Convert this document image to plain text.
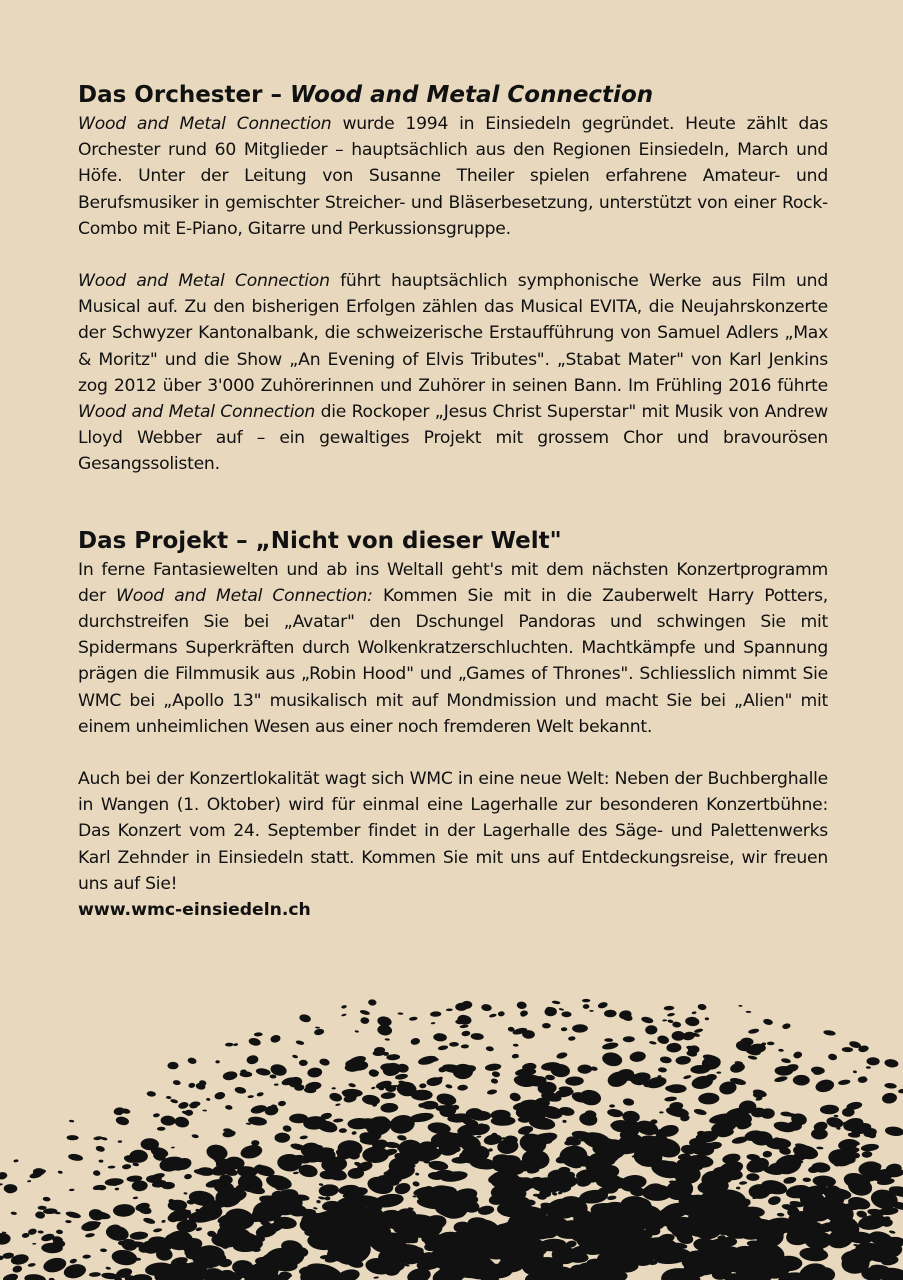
Das Orchester – Wood and Metal Connection

Wood and Metal Connection wurde 1994 in Einsiedeln gegründet. Heute zählt das Orchester rund 60 Mitglieder – hauptsächlich aus den Regionen Einsiedeln, March und Höfe. Unter der Leitung von Susanne Theiler spielen erfahrene Amateur- und Berufsmusiker in gemischter Streicher- und Bläserbesetzung, unterstützt von einer Rock-Combo mit E-Piano, Gitarre und Perkussionsgruppe.

Wood and Metal Connection führt hauptsächlich symphonische Werke aus Film und Musical auf. Zu den bisherigen Erfolgen zählen das Musical EVITA, die Neujahrskonzerte der Schwyzer Kantonalbank, die schweizerische Erstaufführung von Samuel Adlers „Max & Moritz" und die Show „An Evening of Elvis Tributes". „Stabat Mater" von Karl Jenkins zog 2012 über 3'000 Zuhörerinnen und Zuhörer in seinen Bann. Im Frühling 2016 führte Wood and Metal Connection die Rockoper „Jesus Christ Superstar" mit Musik von Andrew Lloyd Webber auf – ein gewaltiges Projekt mit grossem Chor und bravourösen Gesangssolisten.

Das Projekt – „Nicht von dieser Welt"

In ferne Fantasiewelten und ab ins Weltall geht's mit dem nächsten Konzertprogramm der Wood and Metal Connection: Kommen Sie mit in die Zauberwelt Harry Potters, durchstreifen Sie bei „Avatar" den Dschungel Pandoras und schwingen Sie mit Spidermans Superkräften durch Wolkenkratzerschluchten. Machtkämpfe und Spannung prägen die Filmmusik aus „Robin Hood" und „Games of Thrones". Schliesslich nimmt Sie WMC bei „Apollo 13" musikalisch mit auf Mondmission und macht Sie bei „Alien" mit einem unheimlichen Wesen aus einer noch fremderen Welt bekannt.

Auch bei der Konzertlokalität wagt sich WMC in eine neue Welt: Neben der Buchberghalle in Wangen (1. Oktober) wird für einmal eine Lagerhalle zur besonderen Konzertbühne: Das Konzert vom 24. September findet in der Lagerhalle des Säge- und Palettenwerks Karl Zehnder in Einsiedeln statt. Kommen Sie mit uns auf Entdeckungsreise, wir freuen uns auf Sie!

www.wmc-einsiedeln.ch
